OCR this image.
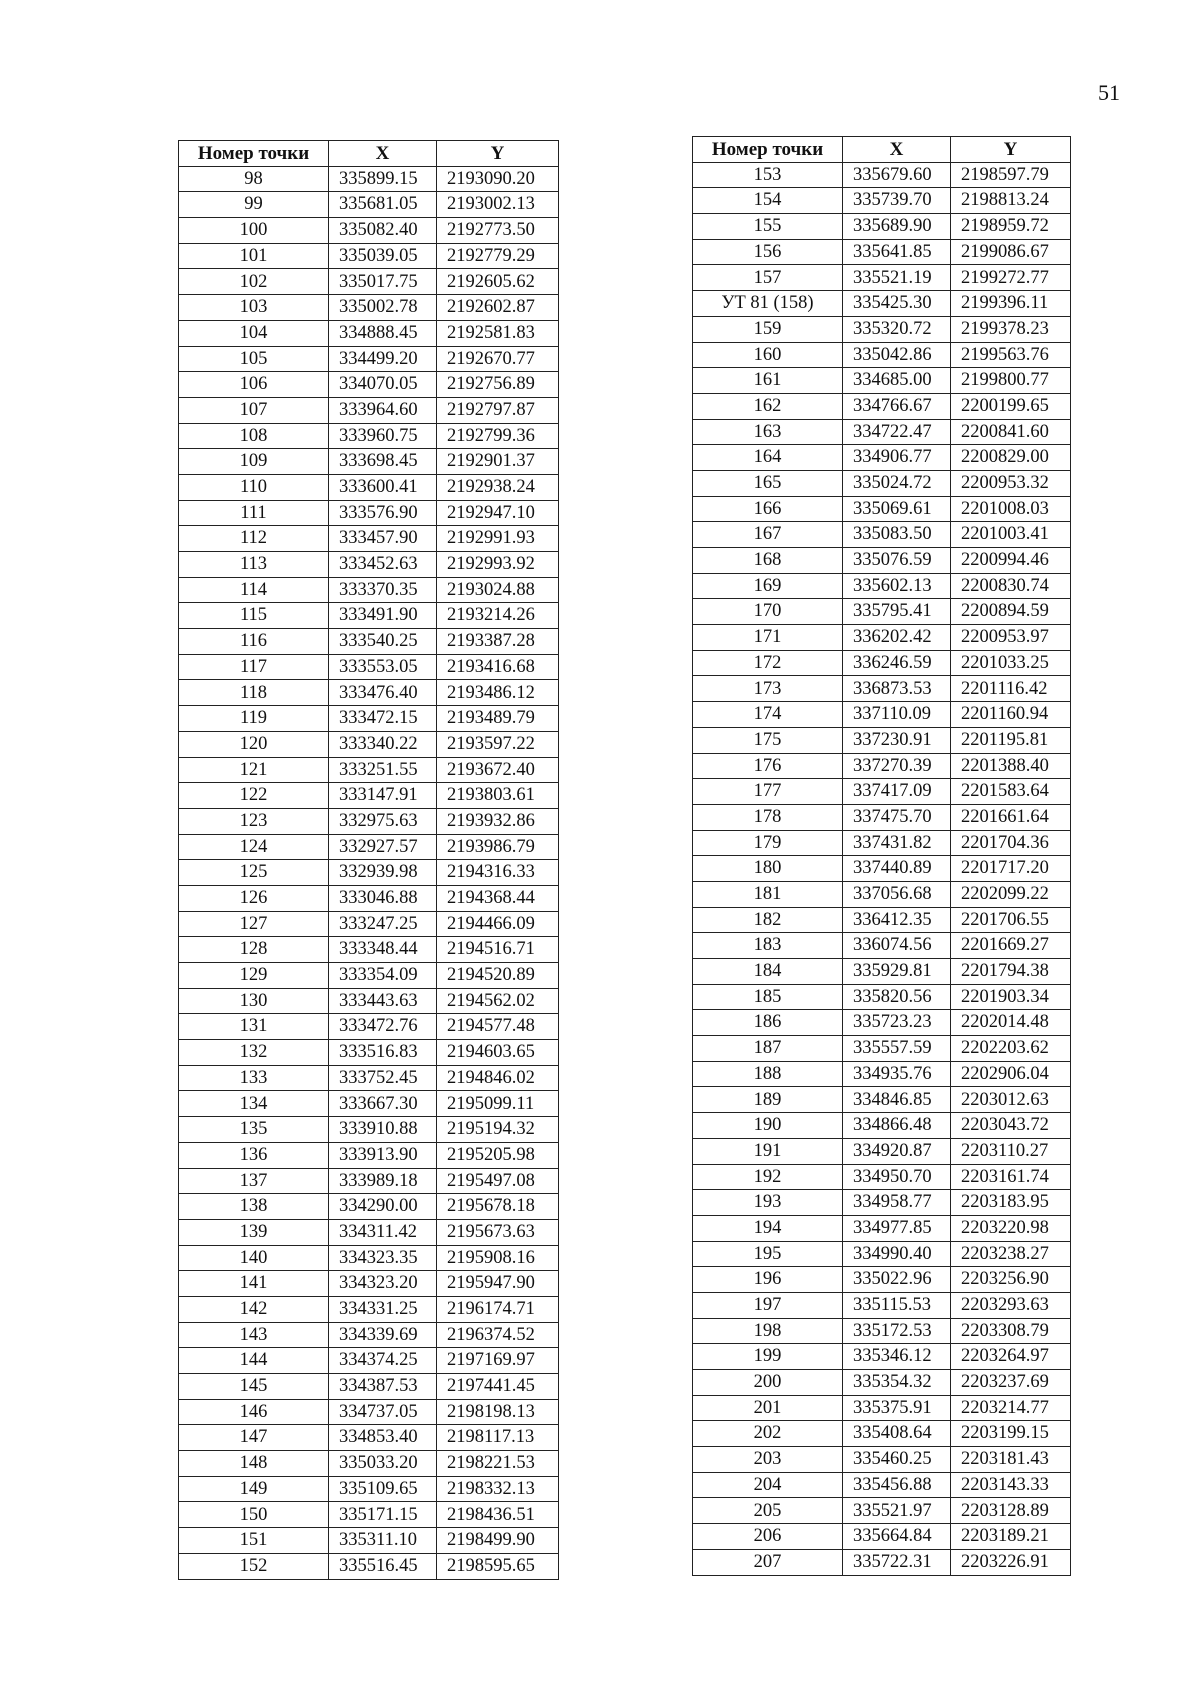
51
Номер точки	X	Y
98	335899.15	2193090.20
99	335681.05	2193002.13
100	335082.40	2192773.50
101	335039.05	2192779.29
102	335017.75	2192605.62
103	335002.78	2192602.87
104	334888.45	2192581.83
105	334499.20	2192670.77
106	334070.05	2192756.89
107	333964.60	2192797.87
108	333960.75	2192799.36
109	333698.45	2192901.37
110	333600.41	2192938.24
111	333576.90	2192947.10
112	333457.90	2192991.93
113	333452.63	2192993.92
114	333370.35	2193024.88
115	333491.90	2193214.26
116	333540.25	2193387.28
117	333553.05	2193416.68
118	333476.40	2193486.12
119	333472.15	2193489.79
120	333340.22	2193597.22
121	333251.55	2193672.40
122	333147.91	2193803.61
123	332975.63	2193932.86
124	332927.57	2193986.79
125	332939.98	2194316.33
126	333046.88	2194368.44
127	333247.25	2194466.09
128	333348.44	2194516.71
129	333354.09	2194520.89
130	333443.63	2194562.02
131	333472.76	2194577.48
132	333516.83	2194603.65
133	333752.45	2194846.02
134	333667.30	2195099.11
135	333910.88	2195194.32
136	333913.90	2195205.98
137	333989.18	2195497.08
138	334290.00	2195678.18
139	334311.42	2195673.63
140	334323.35	2195908.16
141	334323.20	2195947.90
142	334331.25	2196174.71
143	334339.69	2196374.52
144	334374.25	2197169.97
145	334387.53	2197441.45
146	334737.05	2198198.13
147	334853.40	2198117.13
148	335033.20	2198221.53
149	335109.65	2198332.13
150	335171.15	2198436.51
151	335311.10	2198499.90
152	335516.45	2198595.65
Номер точки	X	Y
153	335679.60	2198597.79
154	335739.70	2198813.24
155	335689.90	2198959.72
156	335641.85	2199086.67
157	335521.19	2199272.77
УТ 81 (158)	335425.30	2199396.11
159	335320.72	2199378.23
160	335042.86	2199563.76
161	334685.00	2199800.77
162	334766.67	2200199.65
163	334722.47	2200841.60
164	334906.77	2200829.00
165	335024.72	2200953.32
166	335069.61	2201008.03
167	335083.50	2201003.41
168	335076.59	2200994.46
169	335602.13	2200830.74
170	335795.41	2200894.59
171	336202.42	2200953.97
172	336246.59	2201033.25
173	336873.53	2201116.42
174	337110.09	2201160.94
175	337230.91	2201195.81
176	337270.39	2201388.40
177	337417.09	2201583.64
178	337475.70	2201661.64
179	337431.82	2201704.36
180	337440.89	2201717.20
181	337056.68	2202099.22
182	336412.35	2201706.55
183	336074.56	2201669.27
184	335929.81	2201794.38
185	335820.56	2201903.34
186	335723.23	2202014.48
187	335557.59	2202203.62
188	334935.76	2202906.04
189	334846.85	2203012.63
190	334866.48	2203043.72
191	334920.87	2203110.27
192	334950.70	2203161.74
193	334958.77	2203183.95
194	334977.85	2203220.98
195	334990.40	2203238.27
196	335022.96	2203256.90
197	335115.53	2203293.63
198	335172.53	2203308.79
199	335346.12	2203264.97
200	335354.32	2203237.69
201	335375.91	2203214.77
202	335408.64	2203199.15
203	335460.25	2203181.43
204	335456.88	2203143.33
205	335521.97	2203128.89
206	335664.84	2203189.21
207	335722.31	2203226.91
